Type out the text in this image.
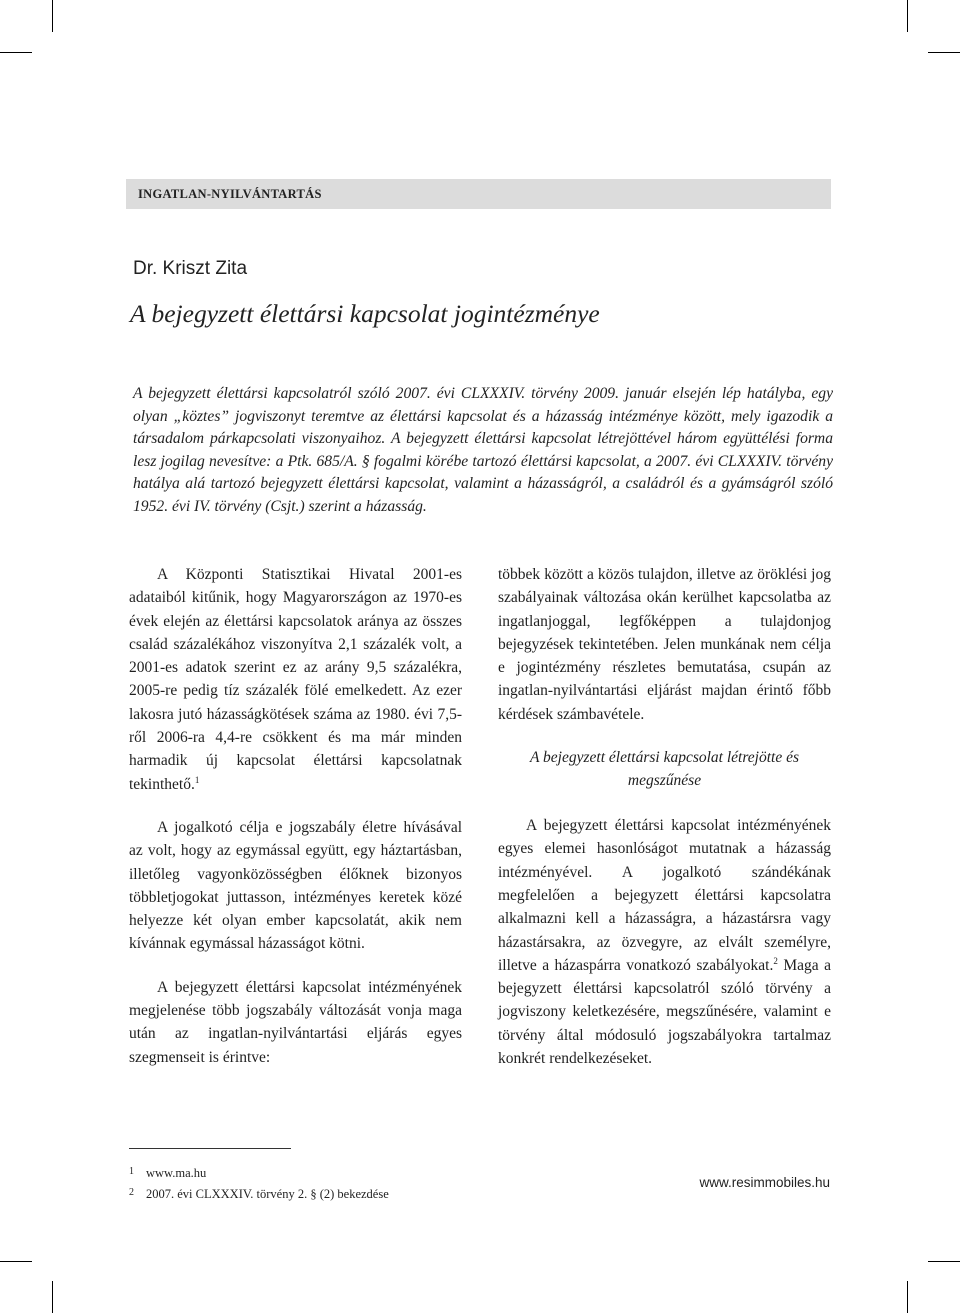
INGATLAN-NYILVÁNTARTÁS
Dr. Kriszt Zita
A bejegyzett élettársi kapcsolat jogintézménye
A bejegyzett élettársi kapcsolatról szóló 2007. évi CLXXXIV. törvény 2009. január elsején lép hatályba, egy olyan „köztes” jogviszonyt teremtve az élettársi kapcsolat és a házasság intézménye között, mely igazodik a társadalom párkapcsolati viszonyaihoz. A bejegyzett élettársi kapcsolat létrejöttével három együttélési forma lesz jogilag nevesítve: a Ptk. 685/A. § fogalmi körébe tartozó élettársi kapcsolat, a 2007. évi CLXXXIV. törvény hatálya alá tartozó bejegyzett élettársi kapcsolat, valamint a házasságról, a családról és a gyámságról szóló 1952. évi IV. törvény (Csjt.) szerint a házasság.

A Központi Statisztikai Hivatal 2001-es adataiból kitűnik, hogy Magyarországon az 1970-es évek elején az élettársi kapcsolatok aránya az összes család százalékához viszonyítva 2,1 százalék volt, a 2001-es adatok szerint ez az arány 9,5 százalékra, 2005-re pedig tíz százalék fölé emelkedett. Az ezer lakosra jutó házasságkötések száma az 1980. évi 7,5-ről 2006-ra 4,4-re csökkent és ma már minden harmadik új kapcsolat élettársi kapcsolatnak tekinthető.$^1$

A jogalkotó célja e jogszabály életre hívásával az volt, hogy az egymással együtt, egy háztartásban, illetőleg vagyonközösségben élőknek bizonyos többletjogokat juttasson, intézményes keretek közé helyezze két olyan ember kapcsolatát, akik nem kívánnak egymással házasságot kötni.

A bejegyzett élettársi kapcsolat intézményének megjelenése több jogszabály változását vonja maga után az ingatlan-nyilvántartási eljárás egyes szegmenseit is érintve:

többek között a közös tulajdon, illetve az öröklési jog szabályainak változása okán kerülhet kapcsolatba az ingatlanjoggal, legfőképpen a tulajdonjog bejegyzések tekintetében. Jelen munkának nem célja e jogintézmény részletes bemutatása, csupán az ingatlan-nyilvántartási eljárást majdan érintő főbb kérdések számbavétele.

A bejegyzett élettársi kapcsolat létrejötte és megszűnése

A bejegyzett élettársi kapcsolat intézményének egyes elemei hasonlóságot mutatnak a házasság intézményével. A jogalkotó szándékának megfelelően a bejegyzett élettársi kapcsolatra alkalmazni kell a házasságra, a házastársra vagy házastársakra, az özvegyre, az elvált személyre, illetve a házaspárra vonatkozó szabályokat.$^2$ Maga a bejegyzett élettársi kapcsolatról szóló törvény a jogviszony keletkezésére, megszűnésére, valamint e törvény által módosuló jogszabályokra tartalmaz konkrét rendelkezéseket.

1 www.ma.hu
2 2007. évi CLXXXIV. törvény 2. § (2) bekezdése
www.resimmobiles.hu
